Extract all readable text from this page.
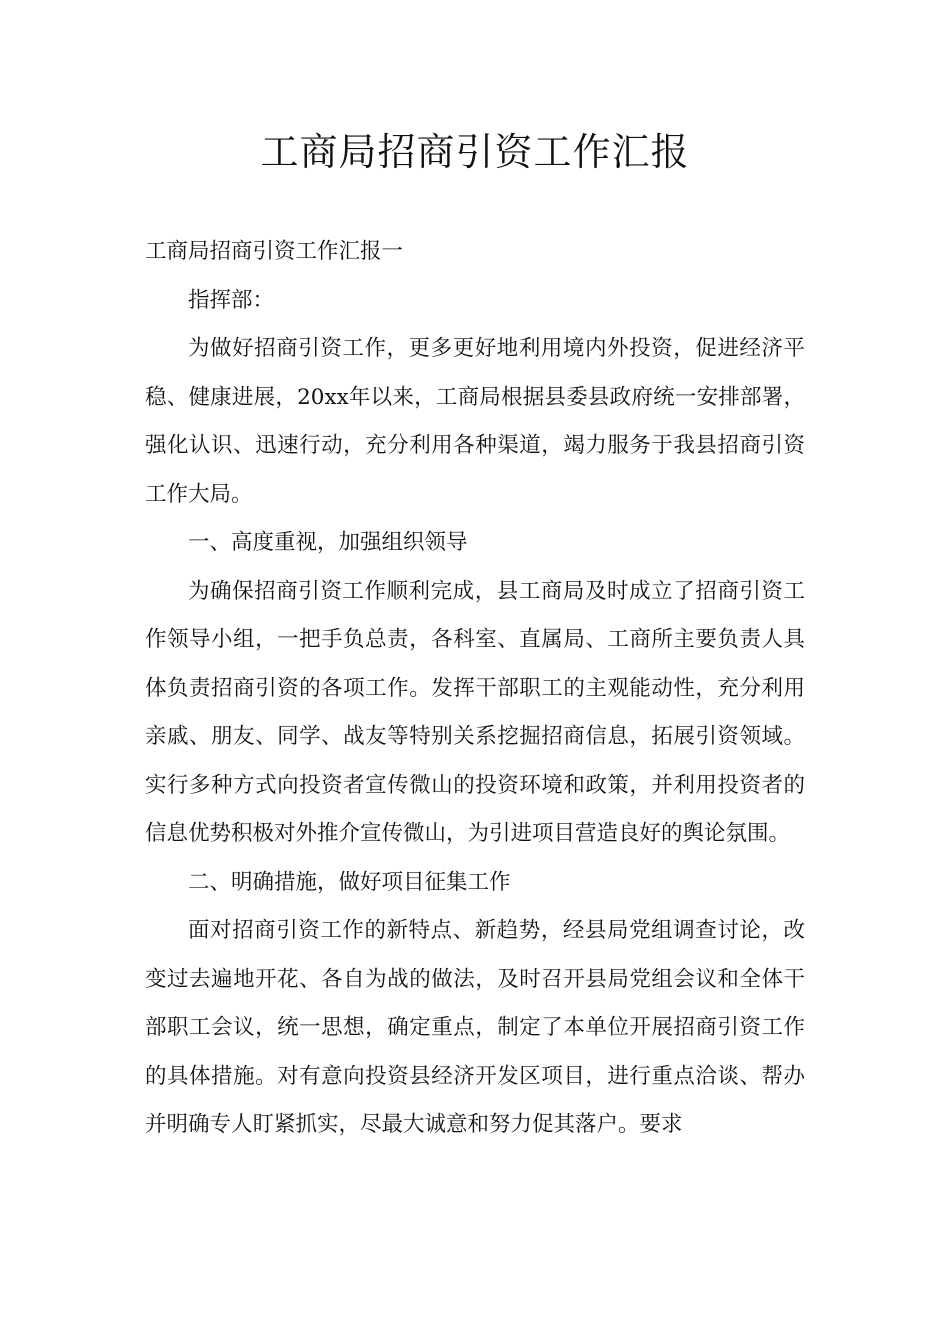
工商局招商引资工作汇报

工商局招商引资工作汇报一

指挥部：

为做好招商引资工作，更多更好地利用境内外投资，促进经济平稳、健康进展，20xx年以来，工商局根据县委县政府统一安排部署，强化认识、迅速行动，充分利用各种渠道，竭力服务于我县招商引资工作大局。

一、高度重视，加强组织领导

为确保招商引资工作顺利完成，县工商局及时成立了招商引资工作领导小组，一把手负总责，各科室、直属局、工商所主要负责人具体负责招商引资的各项工作。发挥干部职工的主观能动性，充分利用亲戚、朋友、同学、战友等特别关系挖掘招商信息，拓展引资领域。实行多种方式向投资者宣传微山的投资环境和政策，并利用投资者的信息优势积极对外推介宣传微山，为引进项目营造良好的舆论氛围。

二、明确措施，做好项目征集工作

面对招商引资工作的新特点、新趋势，经县局党组调查讨论，改变过去遍地开花、各自为战的做法，及时召开县局党组会议和全体干部职工会议，统一思想，确定重点，制定了本单位开展招商引资工作的具体措施。对有意向投资县经济开发区项目，进行重点洽谈、帮办并明确专人盯紧抓实，尽最大诚意和努力促其落户。要求
